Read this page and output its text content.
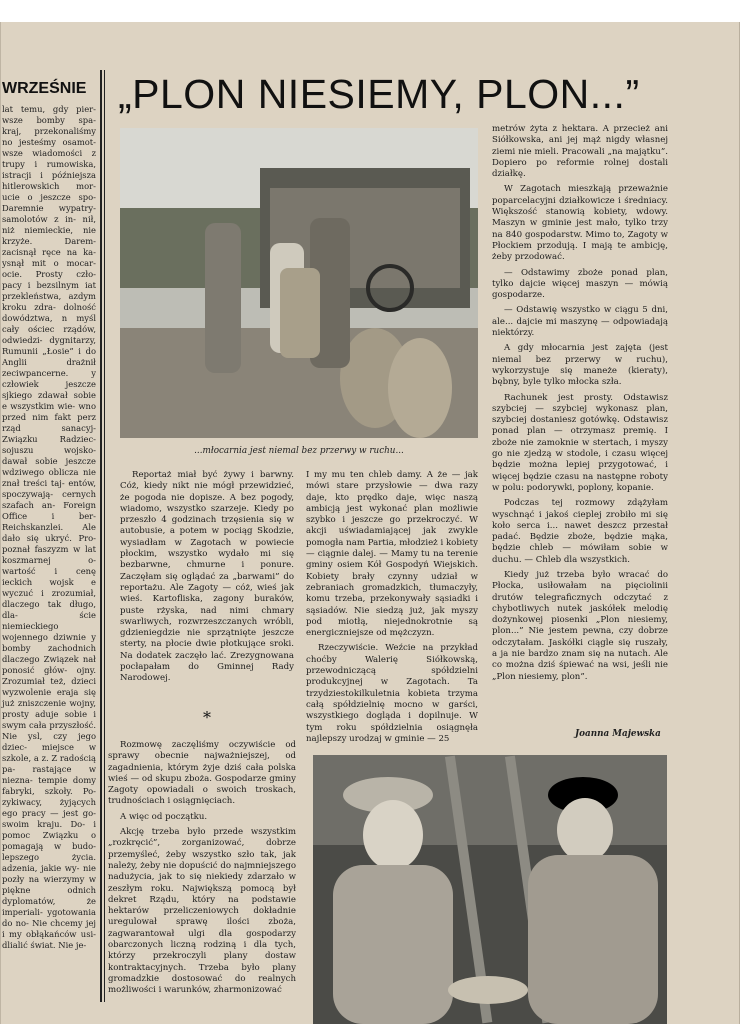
WRZEŚNIE
lat temu, gdy pier- wsze bomby spa- kraj, przekonaliśmy no jesteśmy osamot- wsze wiadomości z trupy i rumowiska, istracji i późniejsza hitlerowskich mor- ucie o jeszcze spo- Daremnie wypatry- samolotów z in- nił, niż niemieckie, nie krzyże. Darem- zacisnął ręce na ka- ysnął mit o mocar- ocie. Prosty czło- pacy i bezsilnym iat przekleństwa, azdym kroku zdra- dolność dowództwa, n myśl cały ościec rządów, odwiedzi- dygnitarzy, Rumunii „Łosie” i do Anglii drażnił zeciwpancerne. y człowiek jeszcze sjkiego zdawał sobie e wszystkim wie- wno przed nim fakt perz rząd sanacyj- Związku Radziec- sojuszu wojsko- dawał sobie jeszcze wdziwego oblicza nie znał treści taj- entów, spoczywają- cernych szafach an- Foreign Office i ber- Reichskanzlei. Ale dało się ukryć. Pro- poznał faszyzm w lat koszmarnej o- wartość i cenę ieckich wojsk e wyczuć i zrozumiał, dlaczego tak długo, dla- ście niemieckiego wojennego dziwnie y bomby zachodnich dlaczego Związek nał ponosić głów- ojny. Zrozumiał też, dzieci wyzwolenie eraja się już zniszczenie wojny, prosty aduje sobie i swym cała przyszłość. Nie ysl, czy jego dziec- miejsce w szkole, a z. Z radością pa- rastające w niezna- tempie domy fabryki, szkoły. Po- zykiwacy, żyjących ego pracy — jest go- swoim kraju. Do- i pomoc Związku o pomagają w budo- lepszego życia. adzenia, jakie wy- nie pozły na wierzymy w piękne odnich dyplomatów, że imperiali- ygotowania do no- Nie chcemy jej i my obłąkańców usi- dlialić świat. Nie je-
„PLON NIESIEMY, PLON...”
...młocarnia jest niemal bez przerwy w ruchu...

Reportaż miał być żywy i barwny. Cóż, kiedy nikt nie mógł przewidzieć, że pogoda nie dopisze. A bez pogody, wiadomo, wszystko szarzeje. Kiedy po przeszło 4 godzinach trzęsienia się w autobusie, a potem w pociąg Skodzie, wysiadłam w Zagotach w powiecie płockim, wszystko wydało mi się bezbarwne, chmurne i ponure. Zaczęłam się oglądać za „barwami” do reportażu. Ale Zagoty — cóż, wieś jak wieś. Kartofliska, zagony buraków, puste rżyska, nad nimi chmary swarliwych, rozwrzeszczanych wróbli, gdzieniegdzie nie sprzątnięte jeszcze sterty, na płocie dwie płotkujące sroki. Na dodatek zaczęło lać. Zrezygnowana pocłapałam do Gminnej Rady Narodowej.

I my mu ten chleb damy. A że — jak mówi stare przysłowie — dwa razy daje, kto prędko daje, więc naszą ambicją jest wykonać plan możliwie szybko i jeszcze go przekroczyć. W akcji uświadamiającej jak zwykle pomogła nam Partia, młodzież i kobiety — ciągnie dalej. — Mamy tu na terenie gminy osiem Kół Gospodyń Wiejskich. Kobiety brały czynny udział w zebraniach gromadzkich, tłumaczyły, komu trzeba, przekonywały sąsiadki i sąsiadów. Nie siedzą już, jak myszy pod miotłą, niejednokrotnie są energiczniejsze od mężczyzn.

Rzeczywiście. Weźcie na przykład choćby Walerię Siółkowską, przewodniczącą spółdzielni produkcyjnej w Zagotach. Ta trzydziestokilkuletnia kobieta trzyma całą spółdzielnię mocno w garści, wszystkiego dogląda i dopilnuje. W tym roku spółdzielnia osiągnęła najlepszy urodzaj w gminie — 25

*

Rozmowę zaczęliśmy oczywiście od sprawy obecnie najważniejszej, od zagadnienia, którym żyje dziś cała polska wieś — od skupu zboża. Gospodarze gminy Zagoty opowiadali o swoich troskach, trudnościach i osiągnięciach.

A więc od początku.

Akcję trzeba było przede wszystkim „rozkręcić”, zorganizować, dobrze przemyśleć, żeby wszystko szło tak, jak należy, żeby nie dopuścić do najmniejszego nadużycia, jak to się niekiedy zdarzało w zeszłym roku. Największą pomocą był dekret Rządu, który na podstawie hektarów przeliczeniowych dokładnie uregulował sprawę ilości zboża, zagwarantował ulgi dla gospodarzy obarczonych liczną rodziną i dla tych, którzy przekroczyli plany dostaw kontraktacyjnych. Trzeba było plany gromadzkie dostosować do realnych możliwości i warunków, zharmonizować

metrów żyta z hektara. A przecież ani Siółkowska, ani jej mąż nigdy własnej ziemi nie mieli. Pracowali „na majątku”. Dopiero po reformie rolnej dostali działkę.

W Zagotach mieszkają przeważnie poparcelacyjni działkowicze i średniacy. Większość stanowią kobiety, wdowy. Maszyn w gminie jest mało, tylko trzy na 840 gospodarstw. Mimo to, Zagoty w Płockiem przodują. I mają te ambicję, żeby przodować.

— Odstawimy zboże ponad plan, tylko dajcie więcej maszyn — mówią gospodarze.

— Odstawię wszystko w ciągu 5 dni, ale... dajcie mi maszynę — odpowiadają niektórzy.

A gdy młocarnia jest zajęta (jest niemal bez przerwy w ruchu), wykorzystuje się maneże (kieraty), bębny, byle tylko młocka szła.

Rachunek jest prosty. Odstawisz szybciej — szybciej wykonasz plan, szybciej dostaniesz gotówkę. Odstawisz ponad plan — otrzymasz premię. I zboże nie zamoknie w stertach, i myszy go nie zjedzą w stodole, i czasu więcej będzie można lepiej przygotować, i więcej będzie czasu na następne roboty w polu: podorywki, poplony, kopanie.

Podczas tej rozmowy zdążyłam wyschnąć i jakoś cieplej zrobiło mi się koło serca i... nawet deszcz przestał padać. Będzie zboże, będzie mąka, będzie chleb — mówiłam sobie w duchu. — Chleb dla wszystkich.

Kiedy już trzeba było wracać do Płocka, usiłowałam na pięciolinii drutów telegraficznych odczytać z chybotliwych nutek jaskółek melodię dożynkowej piosenki „Plon niesiemy, plon...” Nie jestem pewna, czy dobrze odczytałam. Jaskółki ciągle się ruszały, a ja nie bardzo znam się na nutach. Ale co można dziś śpiewać na wsi, jeśli nie „Plon niesiemy, plon”.

Joanna Majewska
